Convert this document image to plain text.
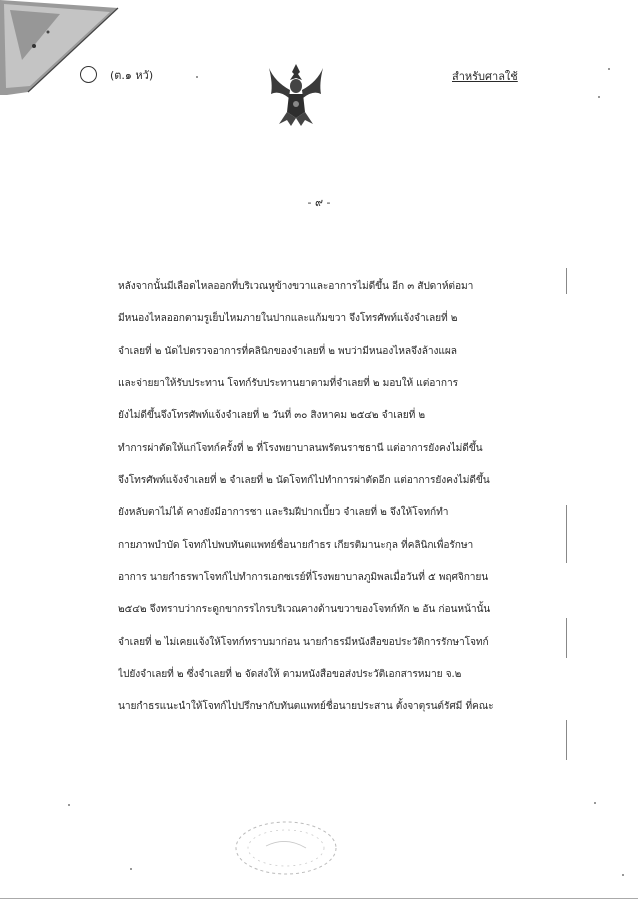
(ต.๑ หวั)	สำหรับศาลใช้
- ๙ -
หลังจากนั้นมีเลือดไหลออกที่บริเวณหูข้างขวาและอาการไม่ดีขึ้น อีก ๓ สัปดาห์ต่อมา
มีหนองไหลออกตามรูเย็บไหมภายในปากและแก้มขวา จึงโทรศัพท์แจ้งจำเลยที่ ๒
จำเลยที่ ๒ นัดไปตรวจอาการที่คลินิกของจำเลยที่ ๒ พบว่ามีหนองไหลจึงล้างแผล
และจ่ายยาให้รับประทาน โจทก์รับประทานยาตามที่จำเลยที่ ๒ มอบให้ แต่อาการ
ยังไม่ดีขึ้นจึงโทรศัพท์แจ้งจำเลยที่ ๒ วันที่ ๓๐ สิงหาคม ๒๕๔๒ จำเลยที่ ๒
ทำการผ่าตัดให้แก่โจทก์ครั้งที่ ๒ ที่โรงพยาบาลนพรัตนราชธานี แต่อาการยังคงไม่ดีขึ้น
จึงโทรศัพท์แจ้งจำเลยที่ ๒ จำเลยที่ ๒ นัดโจทก์ไปทำการผ่าตัดอีก แต่อาการยังคงไม่ดีขึ้น
ยังหลับตาไม่ได้ คางยังมีอาการชา และริมฝีปากเบี้ยว จำเลยที่ ๒ จึงให้โจทก์ทำ
กายภาพบำบัด โจทก์ไปพบทันตแพทย์ชื่อนายกำธร เกียรติมานะกุล ที่คลินิกเพื่อรักษา
อาการ นายกำธรพาโจทก์ไปทำการเอกซเรย์ที่โรงพยาบาลภูมิพลเมื่อวันที่ ๕ พฤศจิกายน
๒๕๔๒ จึงทราบว่ากระดูกขากรรไกรบริเวณคางด้านขวาของโจทก์หัก ๒ อัน ก่อนหน้านั้น
จำเลยที่ ๒ ไม่เคยแจ้งให้โจทก์ทราบมาก่อน นายกำธรมีหนังสือขอประวัติการรักษาโจทก์
ไปยังจำเลยที่ ๒ ซึ่งจำเลยที่ ๒ จัดส่งให้ ตามหนังสือขอส่งประวัติเอกสารหมาย จ.๒
นายกำธรแนะนำให้โจทก์ไปปรึกษากับทันตแพทย์ชื่อนายประสาน ตั้งจาตุรนต์รัศมี ที่คณะ
